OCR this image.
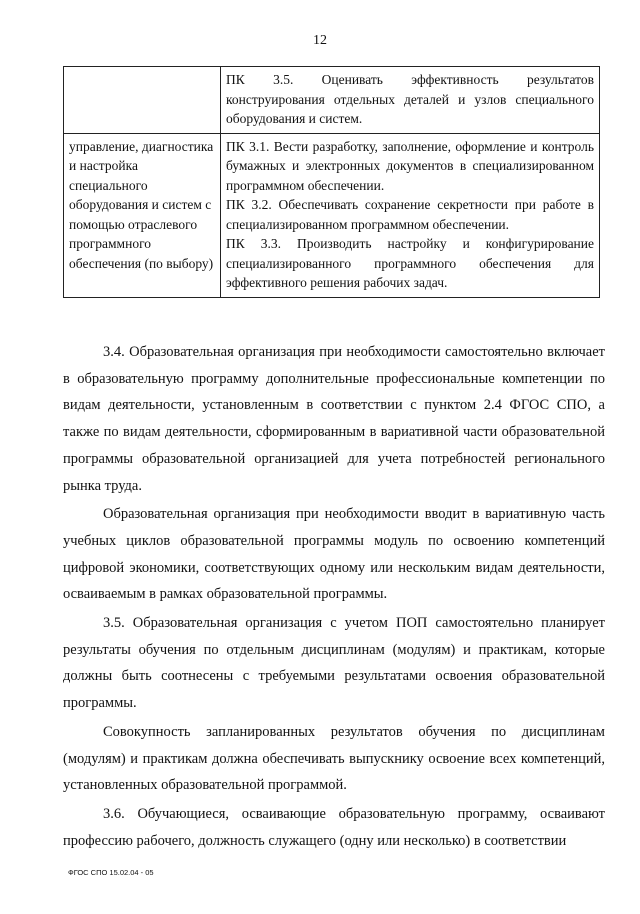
12

	ПК 3.5. Оценивать эффективность результатов конструирования отдельных деталей и узлов специального оборудования и систем.

управление, диагностика и настройка специального оборудования и систем с помощью отраслевого программного обеспечения (по выбору)	ПК 3.1. Вести разработку, заполнение, оформление и контроль бумажных и электронных документов в специализированном программном обеспечении.
ПК 3.2. Обеспечивать сохранение секретности при работе в специализированном программном обеспечении.
ПК 3.3. Производить настройку и конфигурирование специализированного программного обеспечения для эффективного решения рабочих задач.

3.4. Образовательная организация при необходимости самостоятельно включает в образовательную программу дополнительные профессиональные компетенции по видам деятельности, установленным в соответствии с пунктом 2.4 ФГОС СПО, а также по видам деятельности, сформированным в вариативной части образовательной программы образовательной организацией для учета потребностей регионального рынка труда.

Образовательная организация при необходимости вводит в вариативную часть учебных циклов образовательной программы модуль по освоению компетенций цифровой экономики, соответствующих одному или нескольким видам деятельности, осваиваемым в рамках образовательной программы.

3.5. Образовательная организация с учетом ПОП самостоятельно планирует результаты обучения по отдельным дисциплинам (модулям) и практикам, которые должны быть соотнесены с требуемыми результатами освоения образовательной программы.

Совокупность запланированных результатов обучения по дисциплинам (модулям) и практикам должна обеспечивать выпускнику освоение всех компетенций, установленных образовательной программой.

3.6. Обучающиеся, осваивающие образовательную программу, осваивают профессию рабочего, должность служащего (одну или несколько) в соответствии

ФГОС СПО 15.02.04 - 05
